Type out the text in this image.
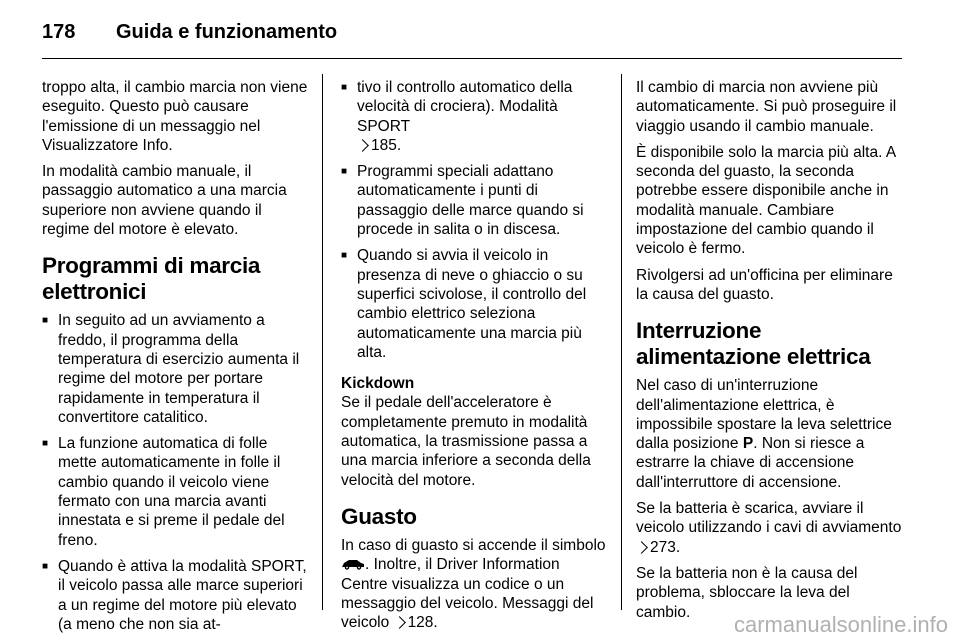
178 Guida e funzionamento

troppo alta, il cambio marcia non viene eseguito. Questo può causare l'emissione di un messaggio nel Visualizzatore Info.

In modalità cambio manuale, il passaggio automatico a una marcia superiore non avviene quando il regime del motore è elevato.

Programmi di marcia elettronici
■ In seguito ad un avviamento a freddo, il programma della temperatura di esercizio aumenta il regime del motore per portare rapidamente in temperatura il convertitore catalitico.
■ La funzione automatica di folle mette automaticamente in folle il cambio quando il veicolo viene fermato con una marcia avanti innestata e si preme il pedale del freno.
■ Quando è attiva la modalità SPORT, il veicolo passa alle marce superiori a un regime del motore più elevato (a meno che non sia at-
■ tivo il controllo automatico della velocità di crociera). Modalità SPORT
185.
■ Programmi speciali adattano automaticamente i punti di passaggio delle marce quando si procede in salita o in discesa.
■ Quando si avvia il veicolo in presenza di neve o ghiaccio o su superfici scivolose, il controllo del cambio elettrico seleziona automaticamente una marcia più alta.
Kickdown

Se il pedale dell'acceleratore è completamente premuto in modalità automatica, la trasmissione passa a una marcia inferiore a seconda della velocità del motore.

Guasto

In caso di guasto si accende il simbolo . Inoltre, il Driver Information Centre visualizza un codice o un messaggio del veicolo. Messaggi del veicolo 128.

Il cambio di marcia non avviene più automaticamente. Si può proseguire il viaggio usando il cambio manuale.

È disponibile solo la marcia più alta. A seconda del guasto, la seconda potrebbe essere disponibile anche in modalità manuale. Cambiare impostazione del cambio quando il veicolo è fermo.

Rivolgersi ad un'officina per eliminare la causa del guasto.

Interruzione alimentazione elettrica

Nel caso di un'interruzione dell'alimentazione elettrica, è impossibile spostare la leva selettrice dalla posizione P. Non si riesce a estrarre la chiave di accensione dall'interruttore di accensione.

Se la batteria è scarica, avviare il veicolo utilizzando i cavi di avviamento
273.

Se la batteria non è la causa del problema, sbloccare la leva del cambio.	carmanualsonline.info
